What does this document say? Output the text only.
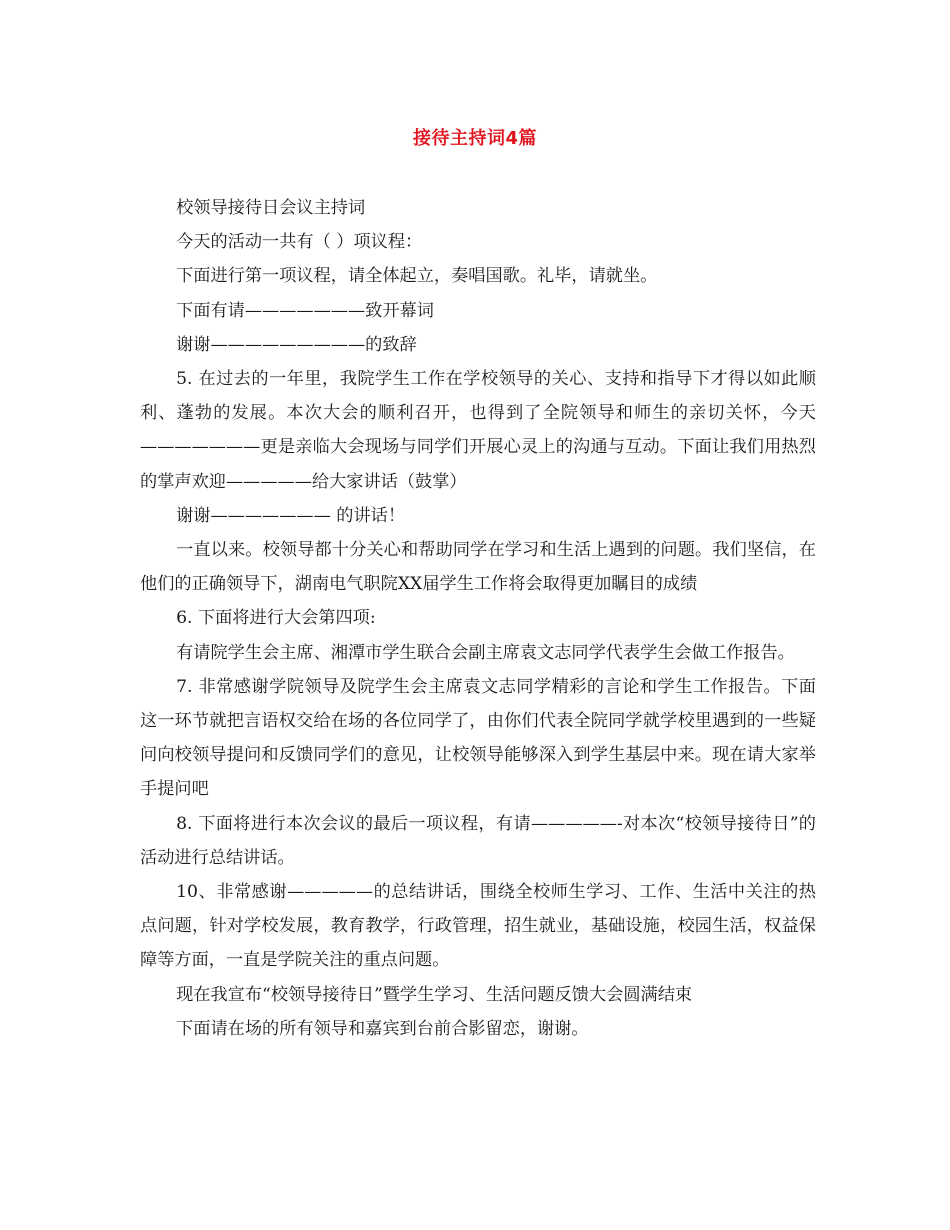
接待主持词4篇

校领导接待日会议主持词

今天的活动一共有（ ）项议程：

下面进行第一项议程，请全体起立，奏唱国歌。礼毕，请就坐。

下面有请———————致开幕词

谢谢—————————的致辞

5. 在过去的一年里，我院学生工作在学校领导的关心、支持和指导下才得以如此顺利、蓬勃的发展。本次大会的顺利召开，也得到了全院领导和师生的亲切关怀，今天———————更是亲临大会现场与同学们开展心灵上的沟通与互动。下面让我们用热烈的掌声欢迎—————给大家讲话（鼓掌）

谢谢——————— 的讲话！

一直以来。校领导都十分关心和帮助同学在学习和生活上遇到的问题。我们坚信，在他们的正确领导下，湖南电气职院XX届学生工作将会取得更加瞩目的成绩

6. 下面将进行大会第四项:

有请院学生会主席、湘潭市学生联合会副主席袁文志同学代表学生会做工作报告。

7. 非常感谢学院领导及院学生会主席袁文志同学精彩的言论和学生工作报告。下面这一环节就把言语权交给在场的各位同学了，由你们代表全院同学就学校里遇到的一些疑问向校领导提问和反馈同学们的意见，让校领导能够深入到学生基层中来。现在请大家举手提问吧

8. 下面将进行本次会议的最后一项议程，有请—————-对本次“校领导接待日”的活动进行总结讲话。

10、非常感谢—————的总结讲话，围绕全校师生学习、工作、生活中关注的热点问题，针对学校发展，教育教学，行政管理，招生就业，基础设施，校园生活，权益保障等方面，一直是学院关注的重点问题。

现在我宣布“校领导接待日”暨学生学习、生活问题反馈大会圆满结束

下面请在场的所有领导和嘉宾到台前合影留恋，谢谢。
